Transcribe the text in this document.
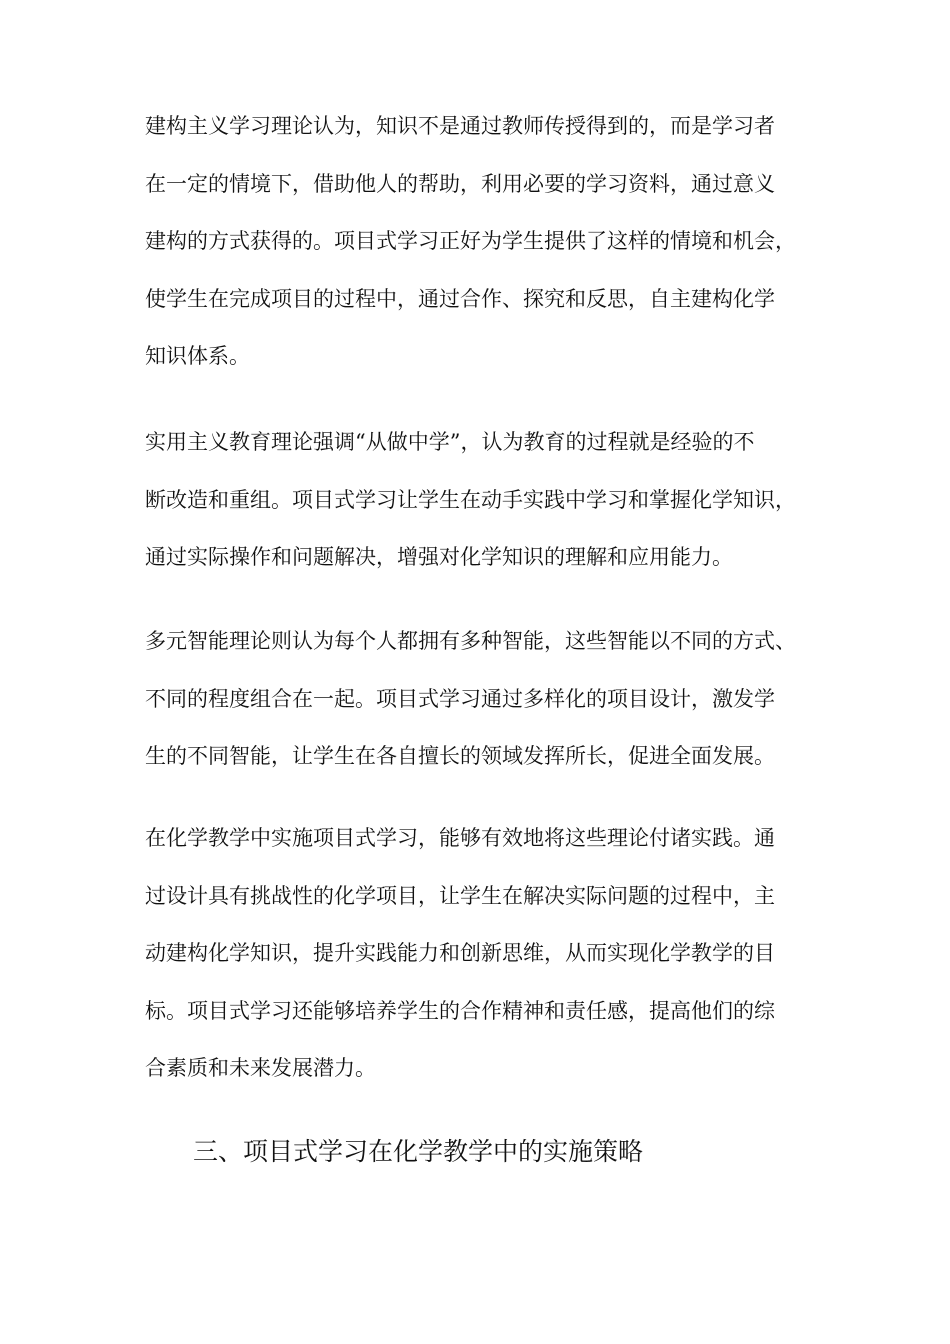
建构主义学习理论认为，知识不是通过教师传授得到的，而是学习者
在一定的情境下，借助他人的帮助，利用必要的学习资料，通过意义
建构的方式获得的。项目式学习正好为学生提供了这样的情境和机会，
使学生在完成项目的过程中，通过合作、探究和反思，自主建构化学
知识体系。
实用主义教育理论强调“从做中学”，认为教育的过程就是经验的不
断改造和重组。项目式学习让学生在动手实践中学习和掌握化学知识，
通过实际操作和问题解决，增强对化学知识的理解和应用能力。
多元智能理论则认为每个人都拥有多种智能，这些智能以不同的方式、
不同的程度组合在一起。项目式学习通过多样化的项目设计，激发学
生的不同智能，让学生在各自擅长的领域发挥所长，促进全面发展。
在化学教学中实施项目式学习，能够有效地将这些理论付诸实践。通
过设计具有挑战性的化学项目，让学生在解决实际问题的过程中，主
动建构化学知识，提升实践能力和创新思维，从而实现化学教学的目
标。项目式学习还能够培养学生的合作精神和责任感，提高他们的综
合素质和未来发展潜力。
三、项目式学习在化学教学中的实施策略
